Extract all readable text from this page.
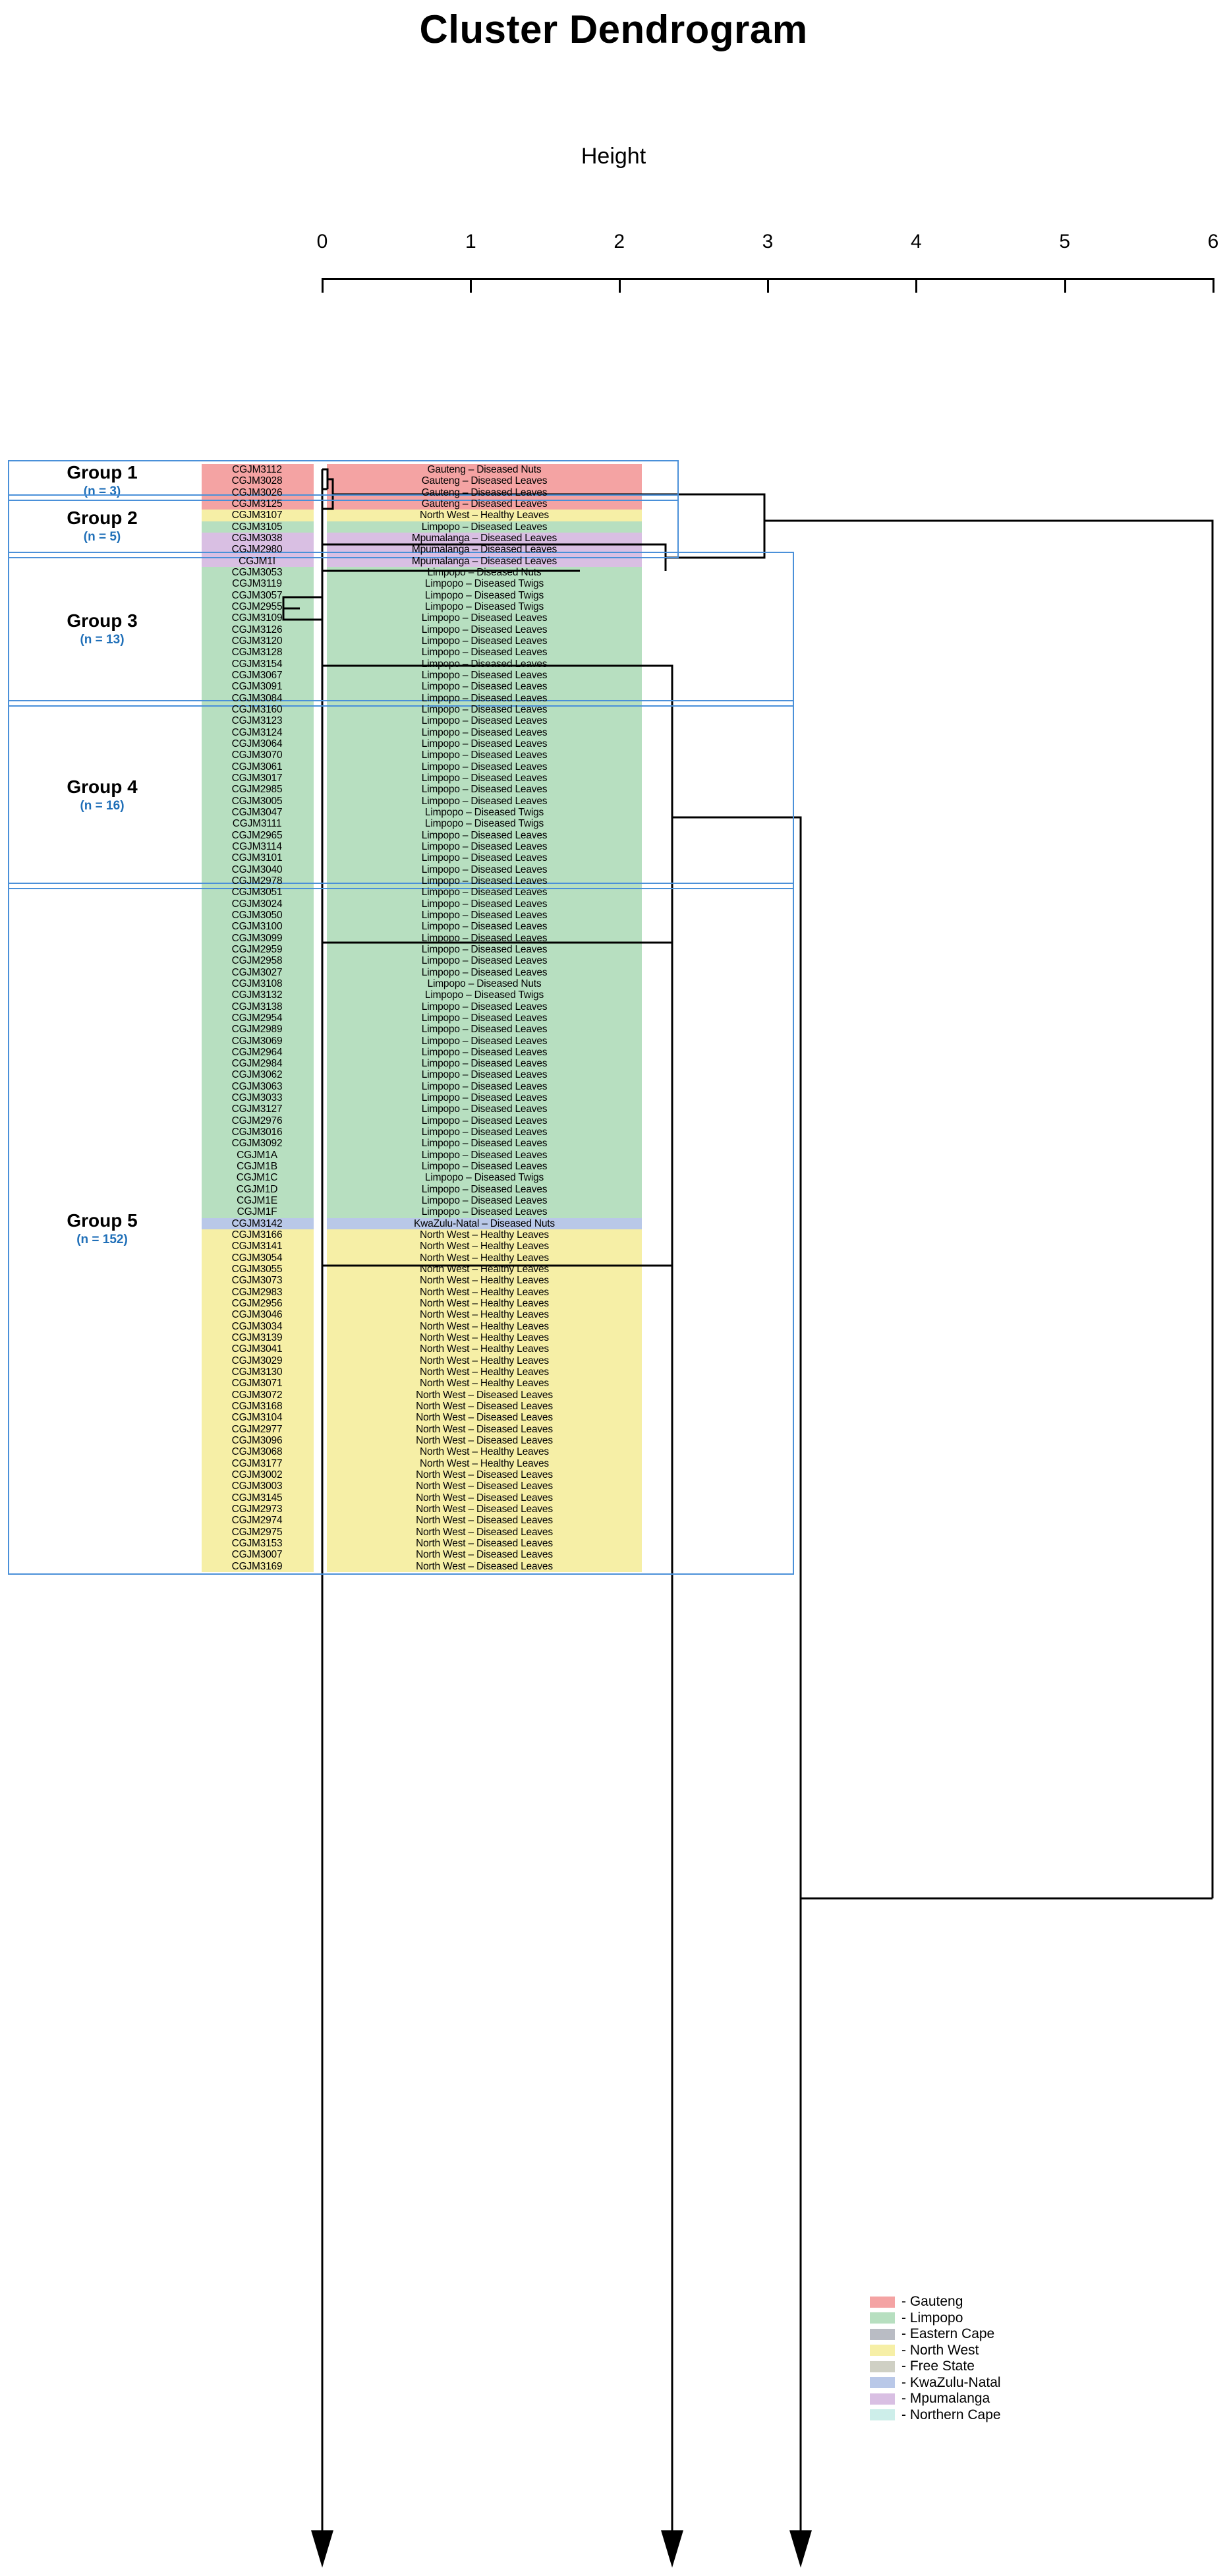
Cluster Dendrogram
Height
0	1	2	3	4	5	6
Group 1
(n = 3)
Group 2
(n = 5)
Group 3
(n = 13)
Group 4
(n = 16)
Group 5
(n = 152)
CGJM3112	Gauteng – Diseased Nuts
CGJM3028	Gauteng – Diseased Leaves
CGJM3026	Gauteng – Diseased Leaves
CGJM3125	Gauteng – Diseased Leaves
CGJM3107	North West – Healthy Leaves
CGJM3105	Limpopo – Diseased Leaves
CGJM3038	Mpumalanga – Diseased Leaves
CGJM2980	Mpumalanga – Diseased Leaves
CGJM1I	Mpumalanga – Diseased Leaves
CGJM3053	Limpopo – Diseased Nuts
CGJM3119	Limpopo – Diseased Twigs
CGJM3057	Limpopo – Diseased Twigs
CGJM2955	Limpopo – Diseased Twigs
CGJM3109	Limpopo – Diseased Leaves
CGJM3126	Limpopo – Diseased Leaves
CGJM3120	Limpopo – Diseased Leaves
CGJM3128	Limpopo – Diseased Leaves
CGJM3154	Limpopo – Diseased Leaves
CGJM3067	Limpopo – Diseased Leaves
CGJM3091	Limpopo – Diseased Leaves
CGJM3084	Limpopo – Diseased Leaves
CGJM3160	Limpopo – Diseased Leaves
CGJM3123	Limpopo – Diseased Leaves
CGJM3124	Limpopo – Diseased Leaves
CGJM3064	Limpopo – Diseased Leaves
CGJM3070	Limpopo – Diseased Leaves
CGJM3061	Limpopo – Diseased Leaves
CGJM3017	Limpopo – Diseased Leaves
CGJM2985	Limpopo – Diseased Leaves
CGJM3005	Limpopo – Diseased Leaves
CGJM3047	Limpopo – Diseased Twigs
CGJM3111	Limpopo – Diseased Twigs
CGJM2965	Limpopo – Diseased Leaves
CGJM3114	Limpopo – Diseased Leaves
CGJM3101	Limpopo – Diseased Leaves
CGJM3040	Limpopo – Diseased Leaves
CGJM2978	Limpopo – Diseased Leaves
CGJM3051	Limpopo – Diseased Leaves
CGJM3024	Limpopo – Diseased Leaves
CGJM3050	Limpopo – Diseased Leaves
CGJM3100	Limpopo – Diseased Leaves
CGJM3099	Limpopo – Diseased Leaves
CGJM2959	Limpopo – Diseased Leaves
CGJM2958	Limpopo – Diseased Leaves
CGJM3027	Limpopo – Diseased Leaves
CGJM3108	Limpopo – Diseased Nuts
CGJM3132	Limpopo – Diseased Twigs
CGJM3138	Limpopo – Diseased Leaves
CGJM2954	Limpopo – Diseased Leaves
CGJM2989	Limpopo – Diseased Leaves
CGJM3069	Limpopo – Diseased Leaves
CGJM2964	Limpopo – Diseased Leaves
CGJM2984	Limpopo – Diseased Leaves
CGJM3062	Limpopo – Diseased Leaves
CGJM3063	Limpopo – Diseased Leaves
CGJM3033	Limpopo – Diseased Leaves
CGJM3127	Limpopo – Diseased Leaves
CGJM2976	Limpopo – Diseased Leaves
CGJM3016	Limpopo – Diseased Leaves
CGJM3092	Limpopo – Diseased Leaves
CGJM1A	Limpopo – Diseased Leaves
CGJM1B	Limpopo – Diseased Leaves
CGJM1C	Limpopo – Diseased Twigs
CGJM1D	Limpopo – Diseased Leaves
CGJM1E	Limpopo – Diseased Leaves
CGJM1F	Limpopo – Diseased Leaves
CGJM3142	KwaZulu-Natal – Diseased Nuts
CGJM3166	North West – Healthy Leaves
CGJM3141	North West – Healthy Leaves
CGJM3054	North West – Healthy Leaves
CGJM3055	North West – Healthy Leaves
CGJM3073	North West – Healthy Leaves
CGJM2983	North West – Healthy Leaves
CGJM2956	North West – Healthy Leaves
CGJM3046	North West – Healthy Leaves
CGJM3034	North West – Healthy Leaves
CGJM3139	North West – Healthy Leaves
CGJM3041	North West – Healthy Leaves
CGJM3029	North West – Healthy Leaves
CGJM3130	North West – Healthy Leaves
CGJM3071	North West – Healthy Leaves
CGJM3072	North West – Diseased Leaves
CGJM3168	North West – Diseased Leaves
CGJM3104	North West – Diseased Leaves
CGJM2977	North West – Diseased Leaves
CGJM3096	North West – Diseased Leaves
CGJM3068	North West – Healthy Leaves
CGJM3177	North West – Healthy Leaves
CGJM3002	North West – Diseased Leaves
CGJM3003	North West – Diseased Leaves
CGJM3145	North West – Diseased Leaves
CGJM2973	North West – Diseased Leaves
CGJM2974	North West – Diseased Leaves
CGJM2975	North West – Diseased Leaves
CGJM3153	North West – Diseased Leaves
CGJM3007	North West – Diseased Leaves
CGJM3169	North West – Diseased Leaves
- Gauteng
- Limpopo
- Eastern Cape
- North West
- Free State
- KwaZulu-Natal
- Mpumalanga
- Northern Cape
